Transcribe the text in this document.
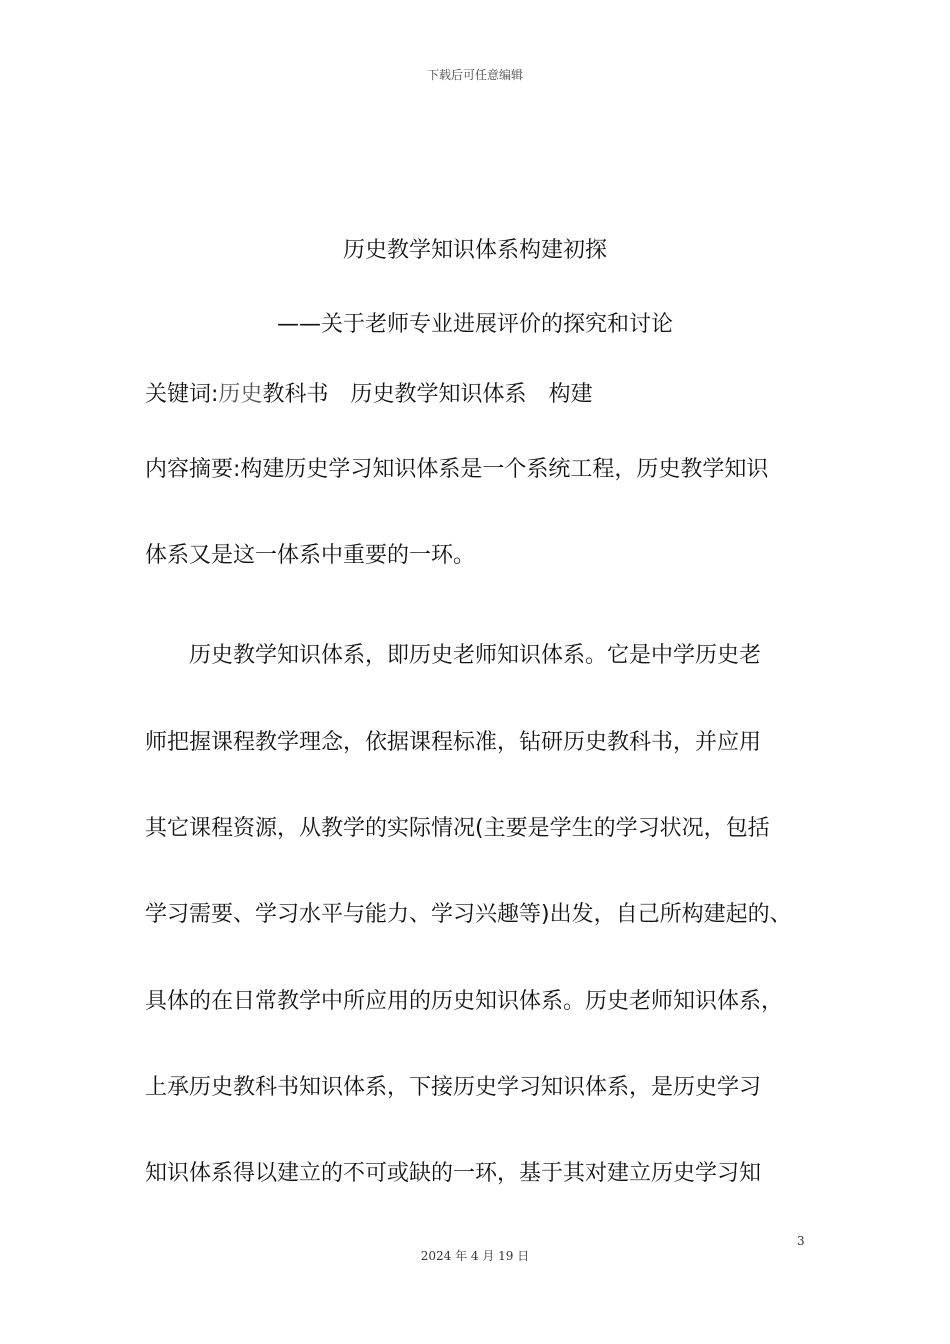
下载后可任意编辑
历史教学知识体系构建初探
——关于老师专业进展评价的探究和讨论
关键词:历史教科书　历史教学知识体系　构建
内容摘要:构建历史学习知识体系是一个系统工程，历史教学知识
体系又是这一体系中重要的一环。
历史教学知识体系，即历史老师知识体系。它是中学历史老
师把握课程教学理念，依据课程标准，钻研历史教科书，并应用
其它课程资源，从教学的实际情况(主要是学生的学习状况，包括
学习需要、学习水平与能力、学习兴趣等)出发，自己所构建起的、
具体的在日常教学中所应用的历史知识体系。历史老师知识体系，
上承历史教科书知识体系，下接历史学习知识体系，是历史学习
知识体系得以建立的不可或缺的一环，基于其对建立历史学习知
3
2024 年 4 月 19 日
